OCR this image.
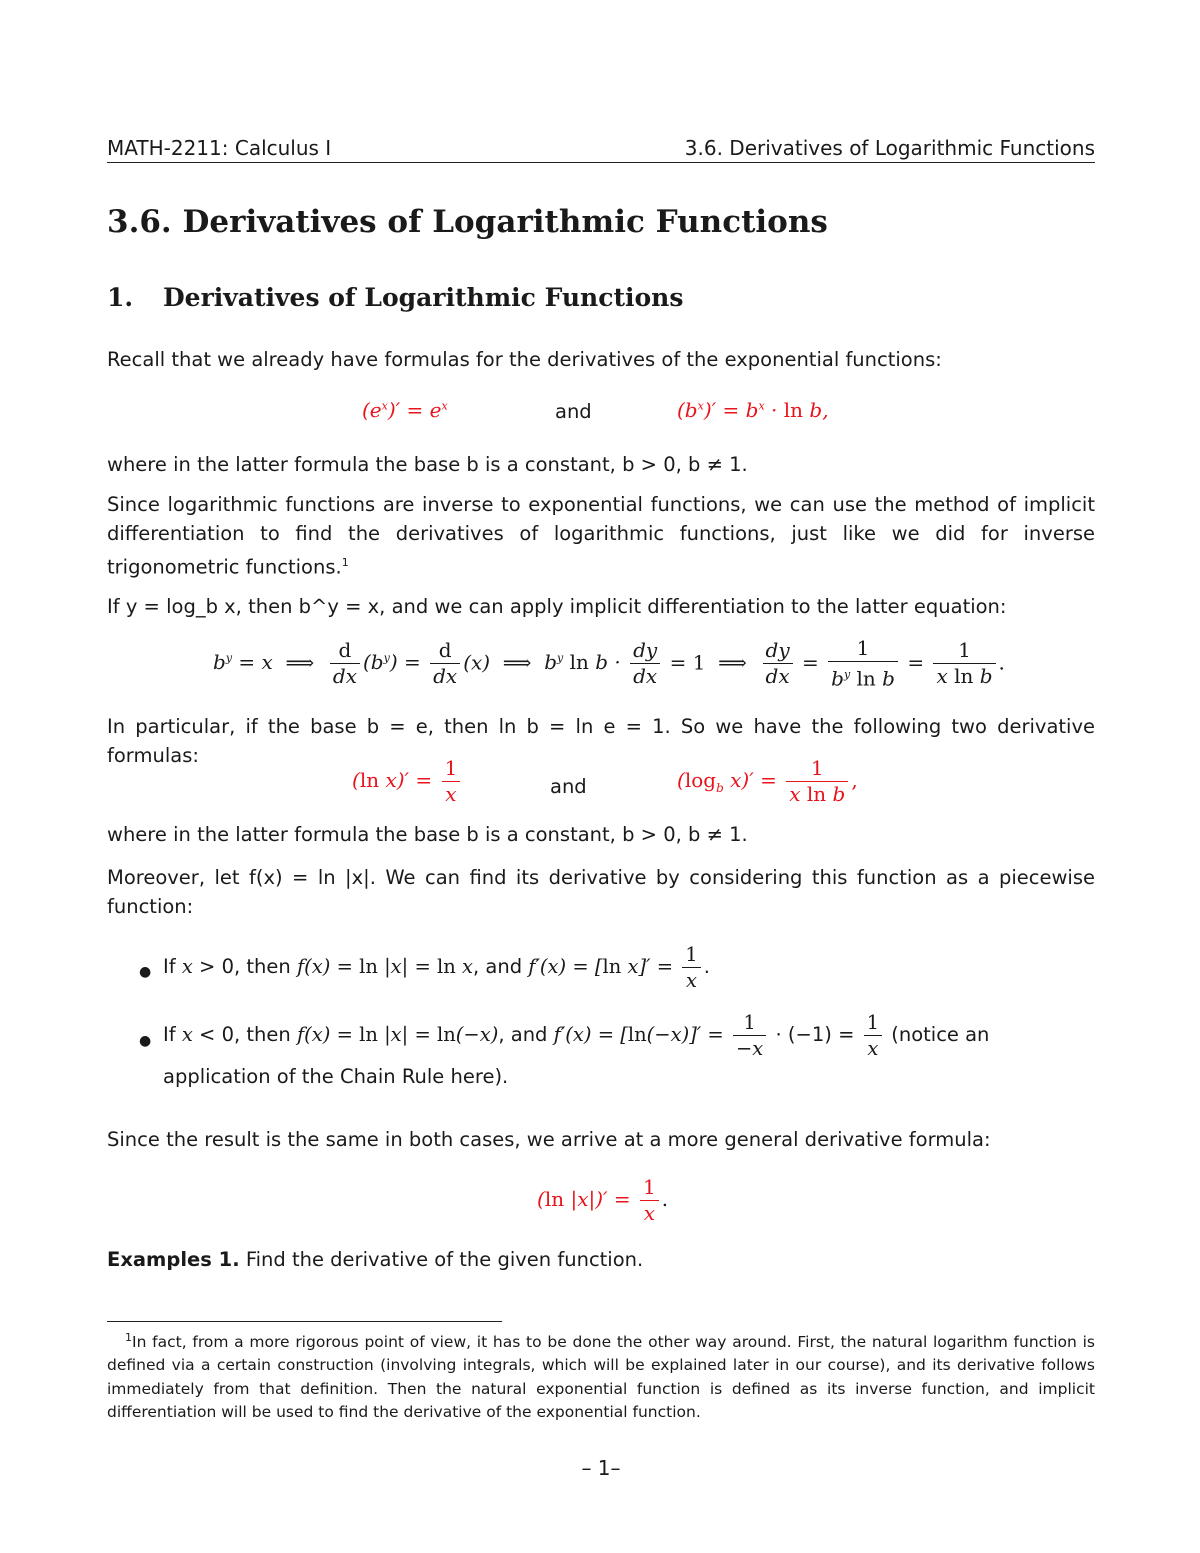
MATH-2211: Calculus I	3.6. Derivatives of Logarithmic Functions
3.6. Derivatives of Logarithmic Functions
1. Derivatives of Logarithmic Functions
Recall that we already have formulas for the derivatives of the exponential functions:
$(e^x)' = e^x$	and	$(b^x)' = b^x \cdot \ln b$,
where in the latter formula the base b is a constant, b > 0, b ≠ 1.
Since logarithmic functions are inverse to exponential functions, we can use the method of implicit differentiation to find the derivatives of logarithmic functions, just like we did for inverse trigonometric functions.$^1$
If y = log_b x, then b^y = x, and we can apply implicit differentiation to the latter equation:
$b^y = x$  ⟹ $\frac{d}{dx} (b^y) = \frac{d}{dx} (x)$  ⟹  $b^y$ $\ln b \cdot \frac{dy}{dx} = 1$  ⟹ $\frac{dy}{dx} = \frac{1}{b^y \ln b} = \frac{1}{\text{x ln b}}$ .
In particular, if the base b = e, then ln b = ln e = 1. So we have the following two derivative formulas:
(ln $x)' = \frac{1}{x}$	and	($\log_b$ $x)' = \frac{1}{\text{x ln b}}$ ,
where in the latter formula the base b is a constant, b > 0, b ≠ 1.
Moreover, let f(x) = ln |x|. We can find its derivative by considering this function as a piecewise function:
● If x > 0, then f(x) = ln |x| = ln x, and f′(x) = [ln $x]' = \frac{1}{x}$ .
● If x < 0, then f(x) = ln |x| = ln(−x), and $f'(x) = [\ln(-x)]' = \frac{1}{-x} \cdot (-1) = \frac{1}{x}$ (notice an application of the Chain Rule here).
Since the result is the same in both cases, we arrive at a more general derivative formula:
(ln $|x|)' = \frac{1}{x}$ .
Examples 1. Find the derivative of the given function.
$^1$In fact, from a more rigorous point of view, it has to be done the other way around. First, the natural logarithm function is defined via a certain construction (involving integrals, which will be explained later in our course), and its derivative follows immediately from that definition. Then the natural exponential function is defined as its inverse function, and implicit differentiation will be used to find the derivative of the exponential function.
– 1–
